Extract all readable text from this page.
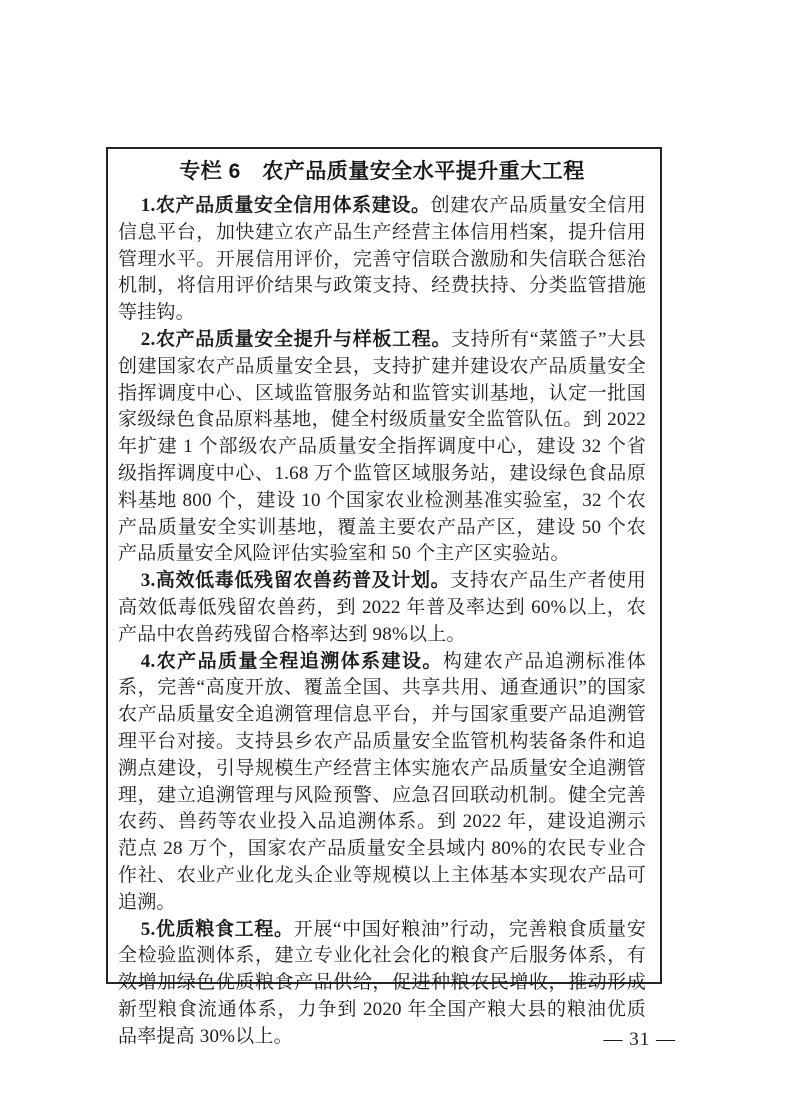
专栏 6　农产品质量安全水平提升重大工程

1.农产品质量安全信用体系建设。创建农产品质量安全信用信息平台，加快建立农产品生产经营主体信用档案，提升信用管理水平。开展信用评价，完善守信联合激励和失信联合惩治机制，将信用评价结果与政策支持、经费扶持、分类监管措施等挂钩。

2.农产品质量安全提升与样板工程。支持所有“菜篮子”大县创建国家农产品质量安全县，支持扩建并建设农产品质量安全指挥调度中心、区域监管服务站和监管实训基地，认定一批国家级绿色食品原料基地，健全村级质量安全监管队伍。到 2022 年扩建 1 个部级农产品质量安全指挥调度中心，建设 32 个省级指挥调度中心、1.68 万个监管区域服务站，建设绿色食品原料基地 800 个，建设 10 个国家农业检测基准实验室，32 个农产品质量安全实训基地，覆盖主要农产品产区，建设 50 个农产品质量安全风险评估实验室和 50 个主产区实验站。

3.高效低毒低残留农兽药普及计划。支持农产品生产者使用高效低毒低残留农兽药，到 2022 年普及率达到 60%以上，农产品中农兽药残留合格率达到 98%以上。

4.农产品质量全程追溯体系建设。构建农产品追溯标准体系，完善“高度开放、覆盖全国、共享共用、通查通识”的国家农产品质量安全追溯管理信息平台，并与国家重要产品追溯管理平台对接。支持县乡农产品质量安全监管机构装备条件和追溯点建设，引导规模生产经营主体实施农产品质量安全追溯管理，建立追溯管理与风险预警、应急召回联动机制。健全完善农药、兽药等农业投入品追溯体系。到 2022 年，建设追溯示范点 28 万个，国家农产品质量安全县域内 80%的农民专业合作社、农业产业化龙头企业等规模以上主体基本实现农产品可追溯。

5.优质粮食工程。开展“中国好粮油”行动，完善粮食质量安全检验监测体系，建立专业化社会化的粮食产后服务体系，有效增加绿色优质粮食产品供给，促进种粮农民增收，推动形成新型粮食流通体系，力争到 2020 年全国产粮大县的粮油优质品率提高 30%以上。	— 31 —
